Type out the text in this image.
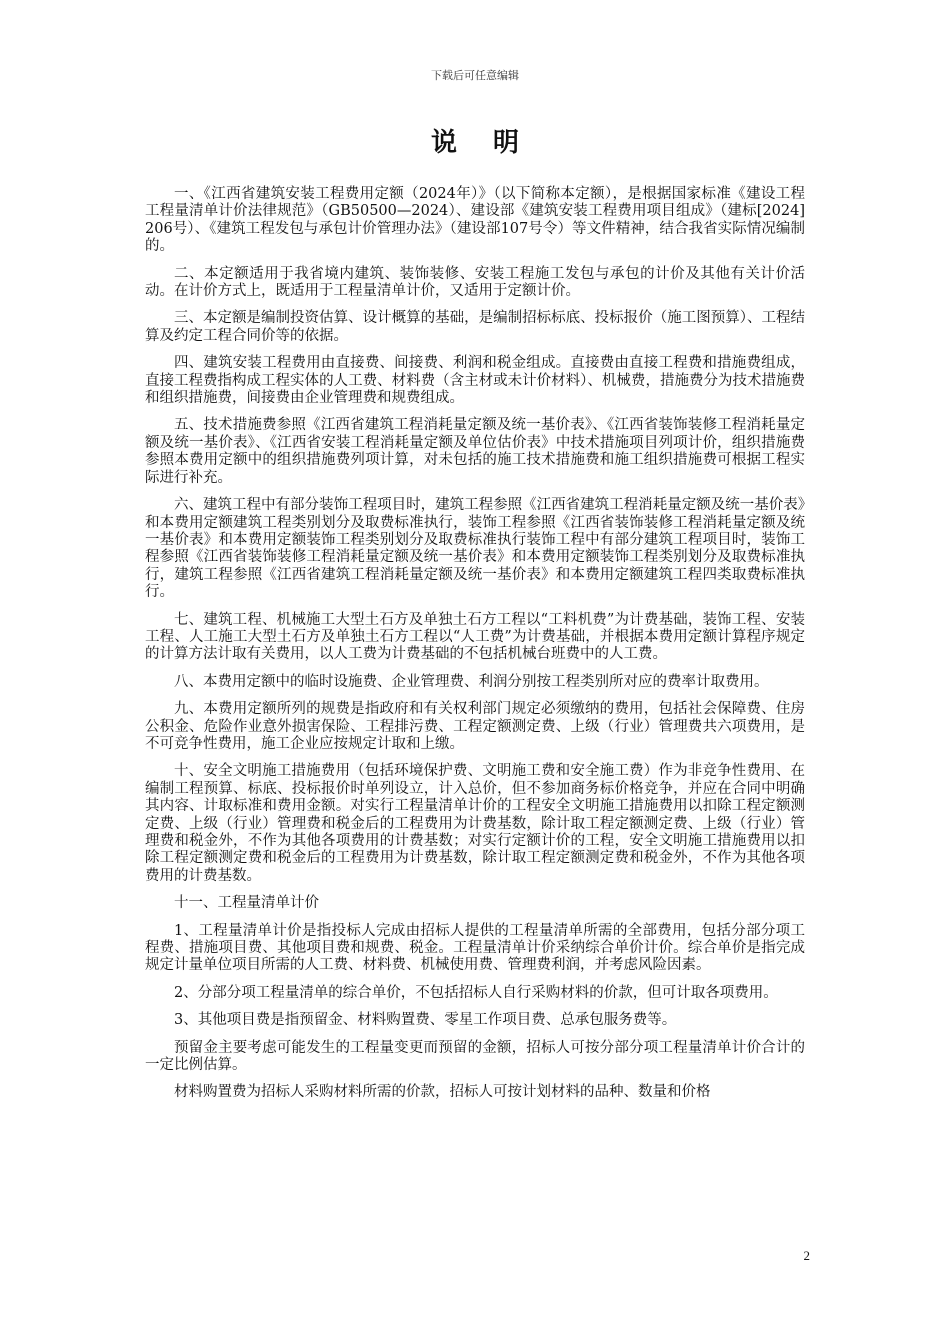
下载后可任意编辑
说明

一、《江西省建筑安装工程费用定额（2024年）》（以下简称本定额），是根据国家标准《建设工程工程量清单计价法律规范》（GB50500—2024）、建设部《建筑安装工程费用项目组成》（建标[2024]206号）、《建筑工程发包与承包计价管理办法》（建设部107号令）等文件精神，结合我省实际情况编制的。

二、本定额适用于我省境内建筑、装饰装修、安装工程施工发包与承包的计价及其他有关计价活动。在计价方式上，既适用于工程量清单计价，又适用于定额计价。

三、本定额是编制投资估算、设计概算的基础，是编制招标标底、投标报价（施工图预算）、工程结算及约定工程合同价等的依据。

四、建筑安装工程费用由直接费、间接费、利润和税金组成。直接费由直接工程费和措施费组成，直接工程费指构成工程实体的人工费、材料费（含主材或未计价材料）、机械费，措施费分为技术措施费和组织措施费，间接费由企业管理费和规费组成。

五、技术措施费参照《江西省建筑工程消耗量定额及统一基价表》、《江西省装饰装修工程消耗量定额及统一基价表》、《江西省安装工程消耗量定额及单位估价表》中技术措施项目列项计价，组织措施费参照本费用定额中的组织措施费列项计算，对未包括的施工技术措施费和施工组织措施费可根据工程实际进行补充。

六、建筑工程中有部分装饰工程项目时，建筑工程参照《江西省建筑工程消耗量定额及统一基价表》和本费用定额建筑工程类别划分及取费标准执行，装饰工程参照《江西省装饰装修工程消耗量定额及统一基价表》和本费用定额装饰工程类别划分及取费标准执行装饰工程中有部分建筑工程项目时，装饰工程参照《江西省装饰装修工程消耗量定额及统一基价表》和本费用定额装饰工程类别划分及取费标准执行，建筑工程参照《江西省建筑工程消耗量定额及统一基价表》和本费用定额建筑工程四类取费标准执行。

七、建筑工程、机械施工大型土石方及单独土石方工程以“工料机费”为计费基础，装饰工程、安装工程、人工施工大型土石方及单独土石方工程以“人工费”为计费基础，并根据本费用定额计算程序规定的计算方法计取有关费用，以人工费为计费基础的不包括机械台班费中的人工费。

八、本费用定额中的临时设施费、企业管理费、利润分别按工程类别所对应的费率计取费用。

九、本费用定额所列的规费是指政府和有关权利部门规定必须缴纳的费用，包括社会保障费、住房公积金、危险作业意外损害保险、工程排污费、工程定额测定费、上级（行业）管理费共六项费用，是不可竞争性费用，施工企业应按规定计取和上缴。

十、安全文明施工措施费用（包括环境保护费、文明施工费和安全施工费）作为非竞争性费用、在编制工程预算、标底、投标报价时单列设立，计入总价，但不参加商务标价格竞争，并应在合同中明确其内容、计取标准和费用金额。对实行工程量清单计价的工程安全文明施工措施费用以扣除工程定额测定费、上级（行业）管理费和税金后的工程费用为计费基数，除计取工程定额测定费、上级（行业）管理费和税金外，不作为其他各项费用的计费基数；对实行定额计价的工程，安全文明施工措施费用以扣除工程定额测定费和税金后的工程费用为计费基数，除计取工程定额测定费和税金外，不作为其他各项费用的计费基数。

十一、工程量清单计价

1、工程量清单计价是指投标人完成由招标人提供的工程量清单所需的全部费用，包括分部分项工程费、措施项目费、其他项目费和规费、税金。工程量清单计价采纳综合单价计价。综合单价是指完成规定计量单位项目所需的人工费、材料费、机械使用费、管理费利润，并考虑风险因素。

2、分部分项工程量清单的综合单价，不包括招标人自行采购材料的价款，但可计取各项费用。

3、其他项目费是指预留金、材料购置费、零星工作项目费、总承包服务费等。

预留金主要考虑可能发生的工程量变更而预留的金额，招标人可按分部分项工程量清单计价合计的一定比例估算。

材料购置费为招标人采购材料所需的价款，招标人可按计划材料的品种、数量和价格

2
